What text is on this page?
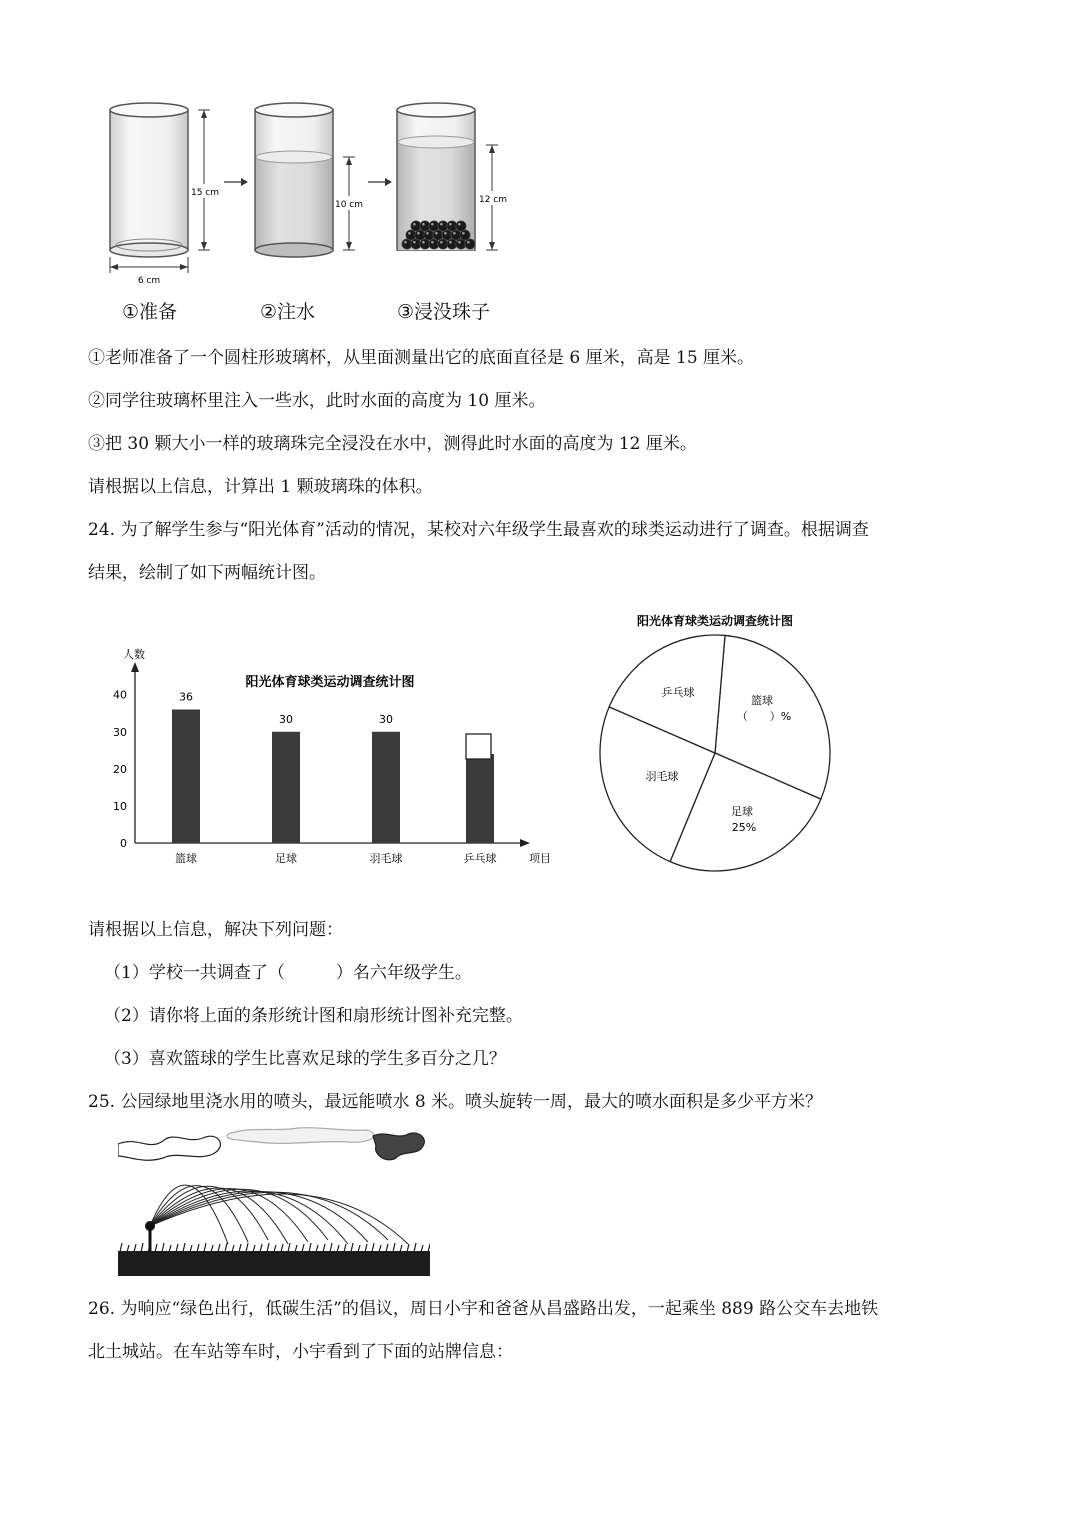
15 cm
6 cm
10 cm	12 cm
①准备	②注水	③浸没珠子
①老师准备了一个圆柱形玻璃杯，从里面测量出它的底面直径是 6 厘米，高是 15 厘米。
②同学往玻璃杯里注入一些水，此时水面的高度为 10 厘米。
③把 30 颗大小一样的玻璃珠完全浸没在水中，测得此时水面的高度为 12 厘米。
请根据以上信息，计算出 1 颗玻璃珠的体积。
24. 为了解学生参与“阳光体育”活动的情况，某校对六年级学生最喜欢的球类运动进行了调查。根据调查
结果，绘制了如下两幅统计图。
人数
阳光体育球类运动调查统计图
项目
0
10
20
30
40	36
篮球
30
足球
30
羽毛球	乒乓球
阳光体育球类运动调查统计图
篮球
（　　）%
足球
25%
羽毛球
乒乓球
请根据以上信息，解决下列问题：
（1）学校一共调查了（　　　）名六年级学生。
（2）请你将上面的条形统计图和扇形统计图补充完整。
（3）喜欢篮球的学生比喜欢足球的学生多百分之几？
25. 公园绿地里浇水用的喷头，最远能喷水 8 米。喷头旋转一周，最大的喷水面积是多少平方米？
26. 为响应“绿色出行，低碳生活”的倡议，周日小宇和爸爸从昌盛路出发，一起乘坐 889 路公交车去地铁
北土城站。在车站等车时，小宇看到了下面的站牌信息：
